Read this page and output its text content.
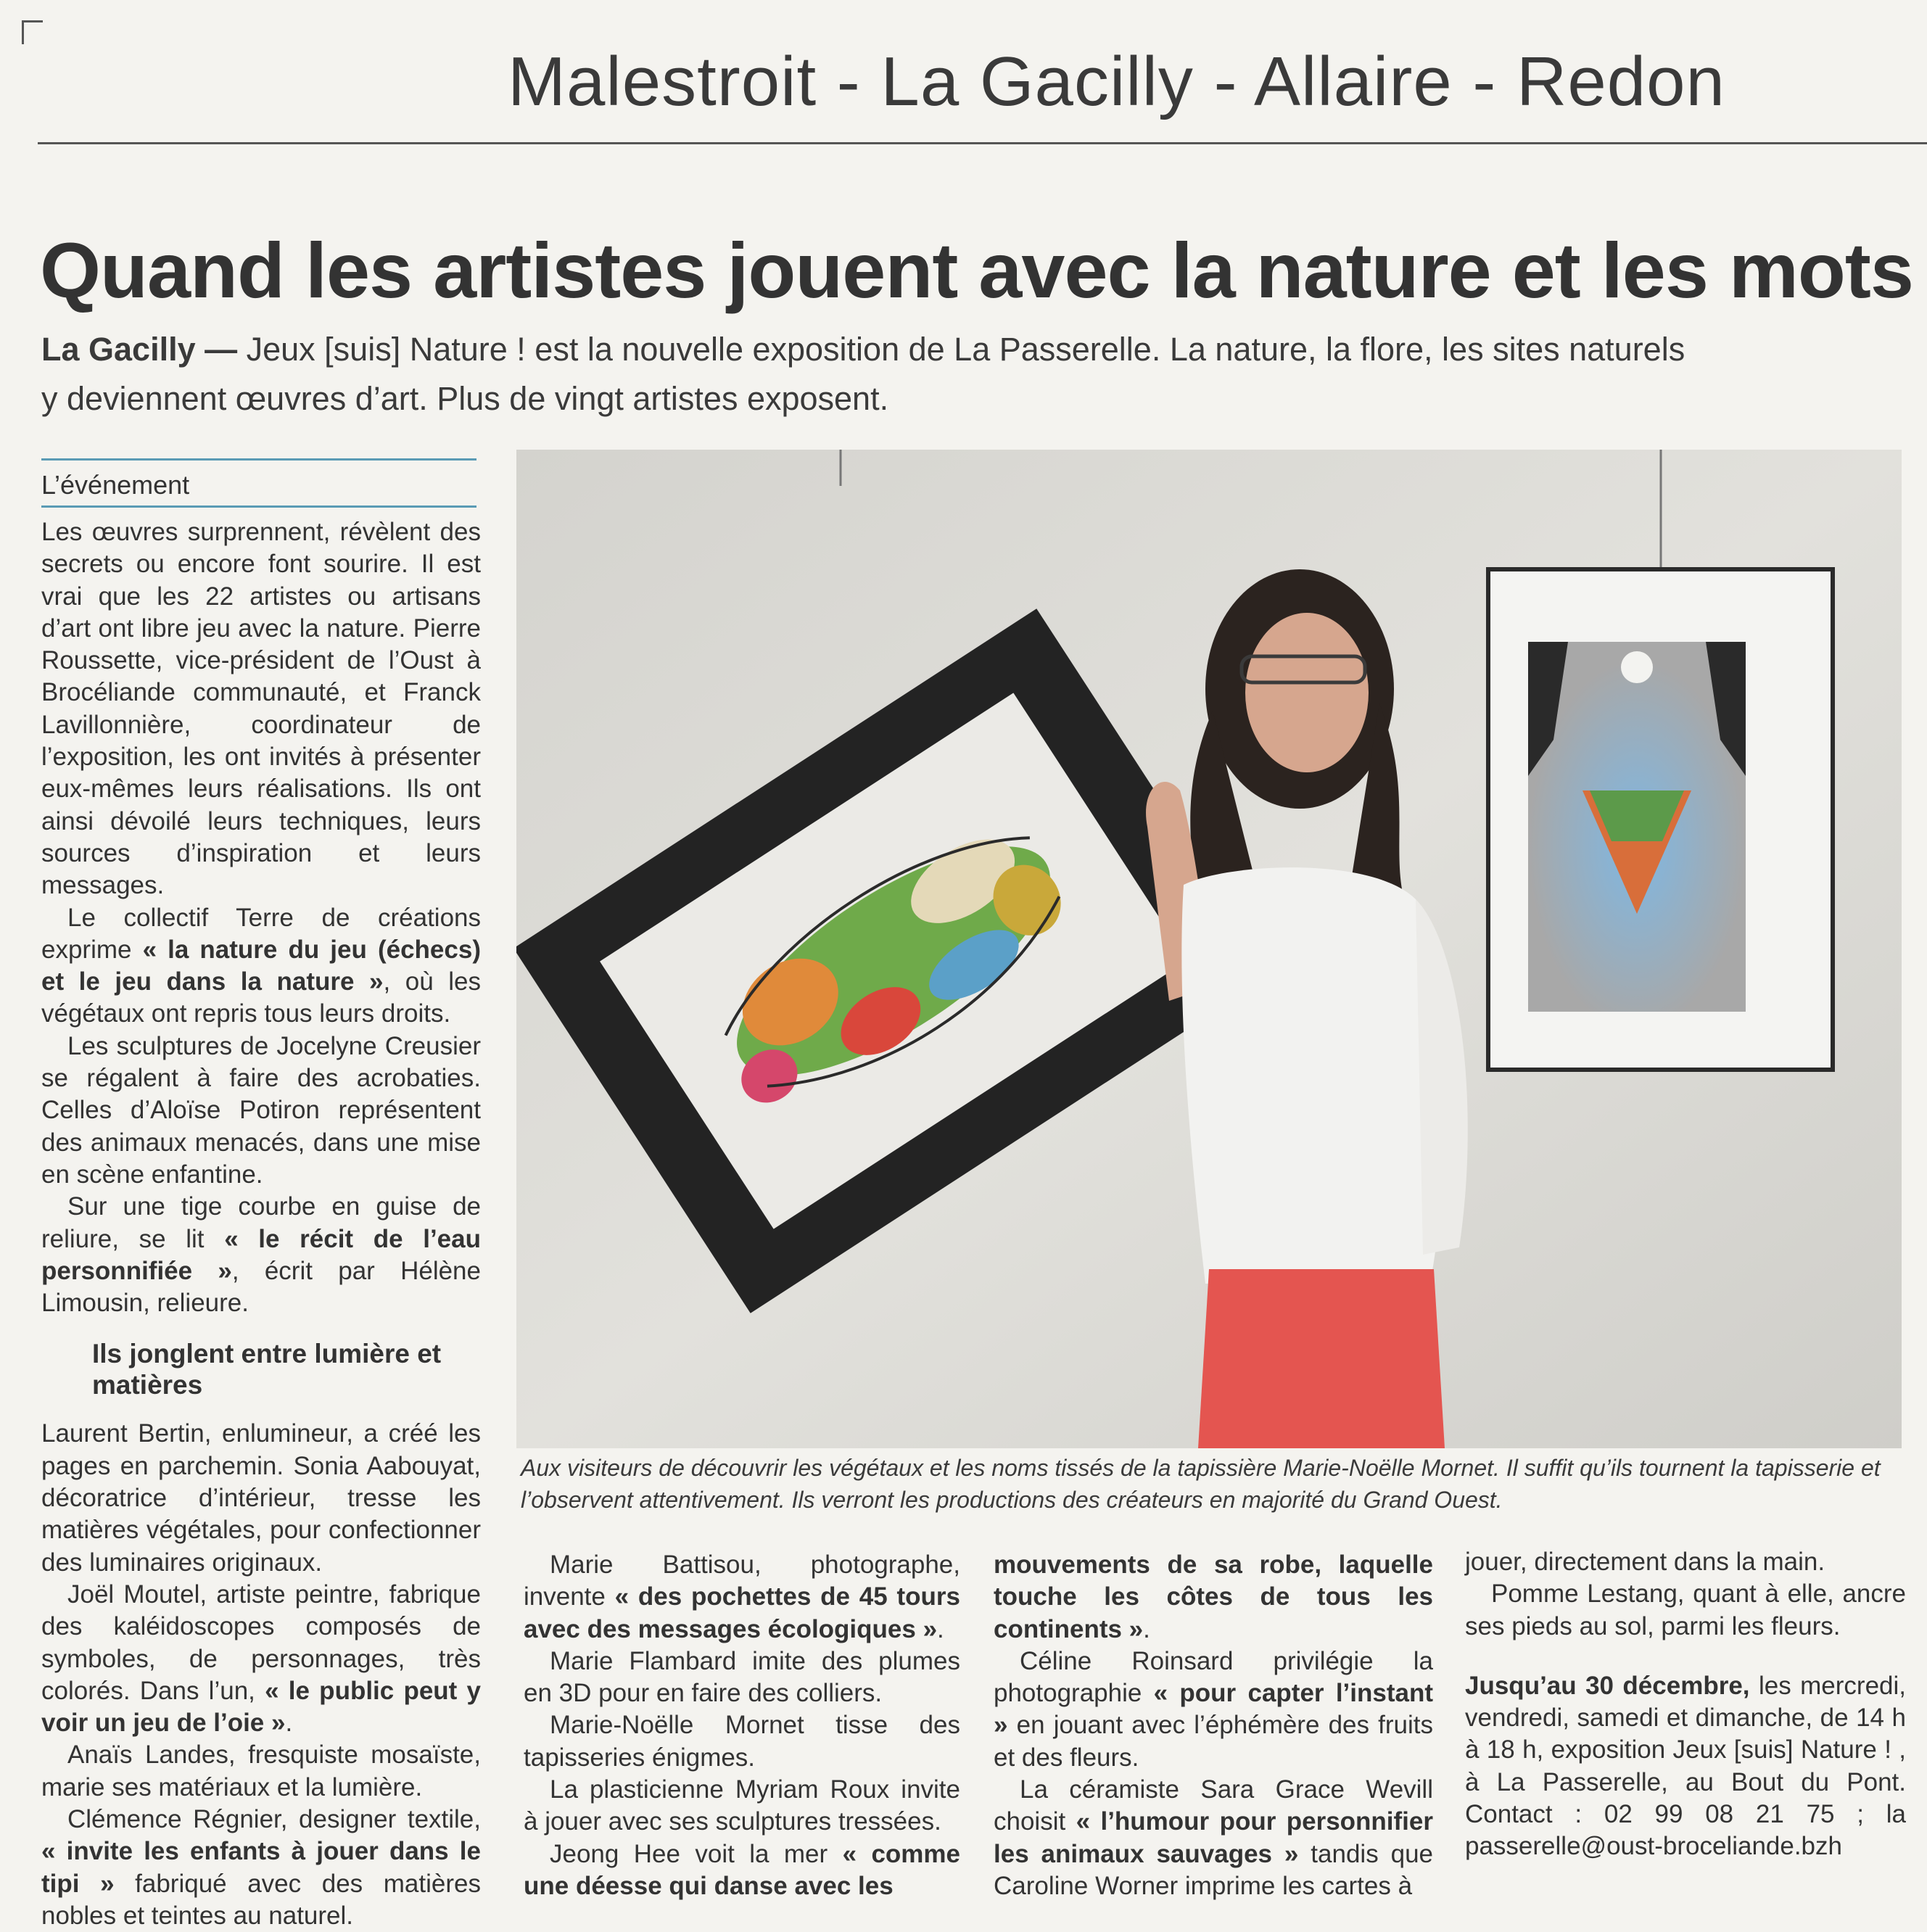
Malestroit - La Gacilly - Allaire - Redon
Quand les artistes jouent avec la nature et les mots
La Gacilly — Jeux [suis] Nature ! est la nouvelle exposition de La Passerelle. La nature, la flore, les sites naturels y deviennent œuvres d’art. Plus de vingt artistes exposent.
L’événement

Les œuvres surprennent, révèlent des secrets ou encore font sourire. Il est vrai que les 22 artistes ou artisans d’art ont libre jeu avec la nature. Pierre Roussette, vice-président de l’Oust à Brocéliande communauté, et Franck Lavillonnière, coordinateur de l’exposition, les ont invités à présenter eux-mêmes leurs réalisations. Ils ont ainsi dévoilé leurs techniques, leurs sources d’inspiration et leurs messages.

Le collectif Terre de créations exprime « la nature du jeu (échecs) et le jeu dans la nature », où les végétaux ont repris tous leurs droits.

Les sculptures de Jocelyne Creusier se régalent à faire des acrobaties. Celles d’Aloïse Potiron représentent des animaux menacés, dans une mise en scène enfantine.

Sur une tige courbe en guise de reliure, se lit « le récit de l’eau personnifiée », écrit par Hélène Limousin, relieure.

Ils jonglent entre lumière et matières

Laurent Bertin, enlumineur, a créé les pages en parchemin. Sonia Aabouyat, décoratrice d’intérieur, tresse les matières végétales, pour confectionner des luminaires originaux.

Joël Moutel, artiste peintre, fabrique des kaléidoscopes composés de symboles, de personnages, très colorés. Dans l’un, « le public peut y voir un jeu de l’oie ».

Anaïs Landes, fresquiste mosaïste, marie ses matériaux et la lumière.

Clémence Régnier, designer textile, « invite les enfants à jouer dans le tipi » fabriqué avec des matières nobles et teintes au naturel.

Aux visiteurs de découvrir les végétaux et les noms tissés de la tapissière Marie-Noëlle Mornet. Il suffit qu’ils tournent la tapisserie et l’observent attentivement. Ils verront les productions des créateurs en majorité du Grand Ouest.

Marie Battisou, photographe, invente « des pochettes de 45 tours avec des messages écologiques ».

Marie Flambard imite des plumes en 3D pour en faire des colliers.

Marie-Noëlle Mornet tisse des tapisseries énigmes.

La plasticienne Myriam Roux invite à jouer avec ses sculptures tressées.

Jeong Hee voit la mer « comme une déesse qui danse avec les

mouvements de sa robe, laquelle touche les côtes de tous les continents ».

Céline Roinsard privilégie la photographie « pour capter l’instant » en jouant avec l’éphémère des fruits et des fleurs.

La céramiste Sara Grace Wevill choisit « l’humour pour personnifier les animaux sauvages » tandis que Caroline Worner imprime les cartes à

jouer, directement dans la main.

Pomme Lestang, quant à elle, ancre ses pieds au sol, parmi les fleurs.

Jusqu’au 30 décembre, les mercredi, vendredi, samedi et dimanche, de 14 h à 18 h, exposition Jeux [suis] Nature ! , à La Passerelle, au Bout du Pont. Contact : 02 99 08 21 75 ; la passerelle@oust-broceliande.bzh
